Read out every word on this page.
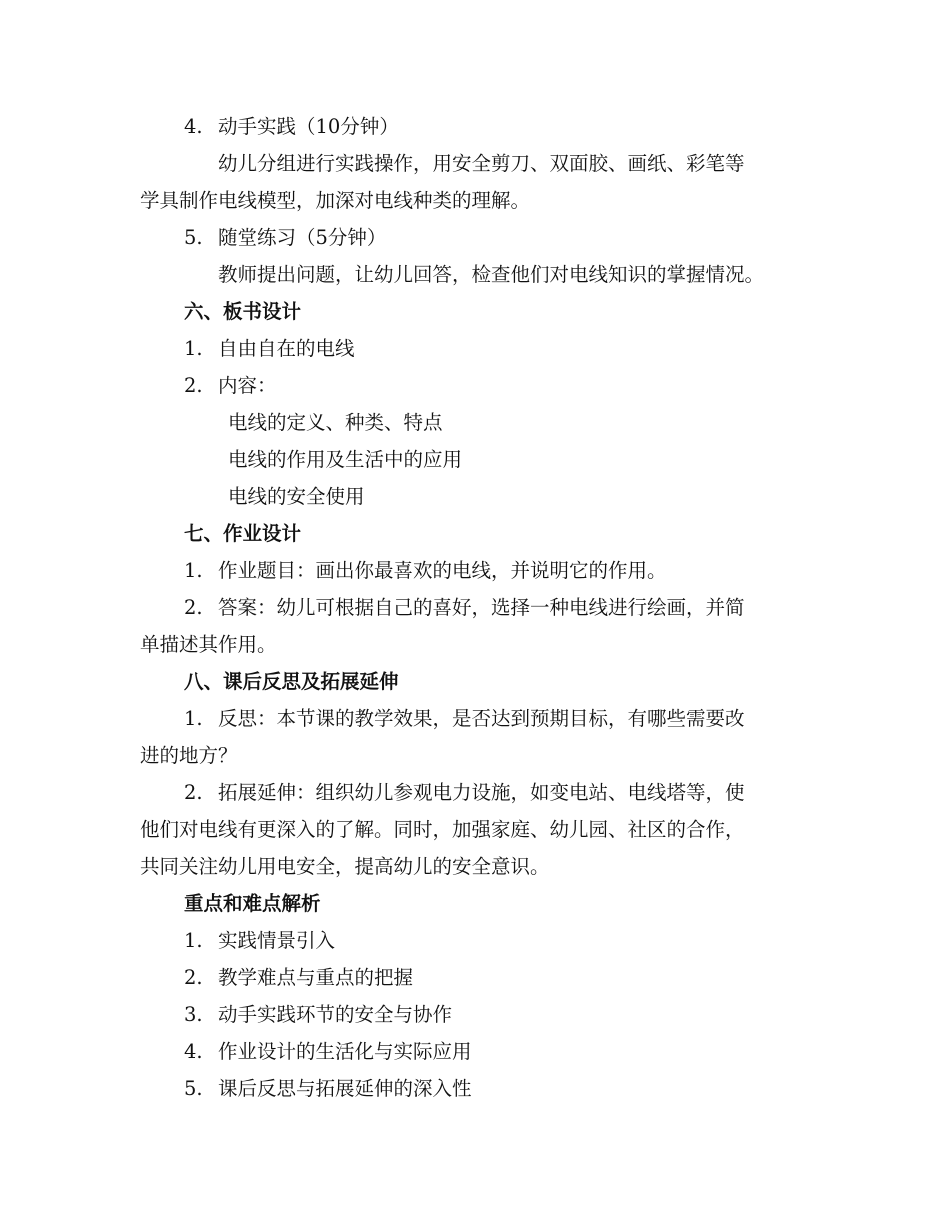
4. 动手实践（10分钟）
幼儿分组进行实践操作，用安全剪刀、双面胶、画纸、彩笔等
学具制作电线模型，加深对电线种类的理解。
5. 随堂练习（5分钟）
教师提出问题，让幼儿回答，检查他们对电线知识的掌握情况。
六、板书设计
1. 自由自在的电线
2. 内容：
电线的定义、种类、特点
电线的作用及生活中的应用
电线的安全使用
七、作业设计
1. 作业题目：画出你最喜欢的电线，并说明它的作用。
2. 答案：幼儿可根据自己的喜好，选择一种电线进行绘画，并简
单描述其作用。
八、课后反思及拓展延伸
1. 反思：本节课的教学效果，是否达到预期目标，有哪些需要改
进的地方？
2. 拓展延伸：组织幼儿参观电力设施，如变电站、电线塔等，使
他们对电线有更深入的了解。同时，加强家庭、幼儿园、社区的合作，
共同关注幼儿用电安全，提高幼儿的安全意识。
重点和难点解析
1. 实践情景引入
2. 教学难点与重点的把握
3. 动手实践环节的安全与协作
4. 作业设计的生活化与实际应用
5. 课后反思与拓展延伸的深入性
